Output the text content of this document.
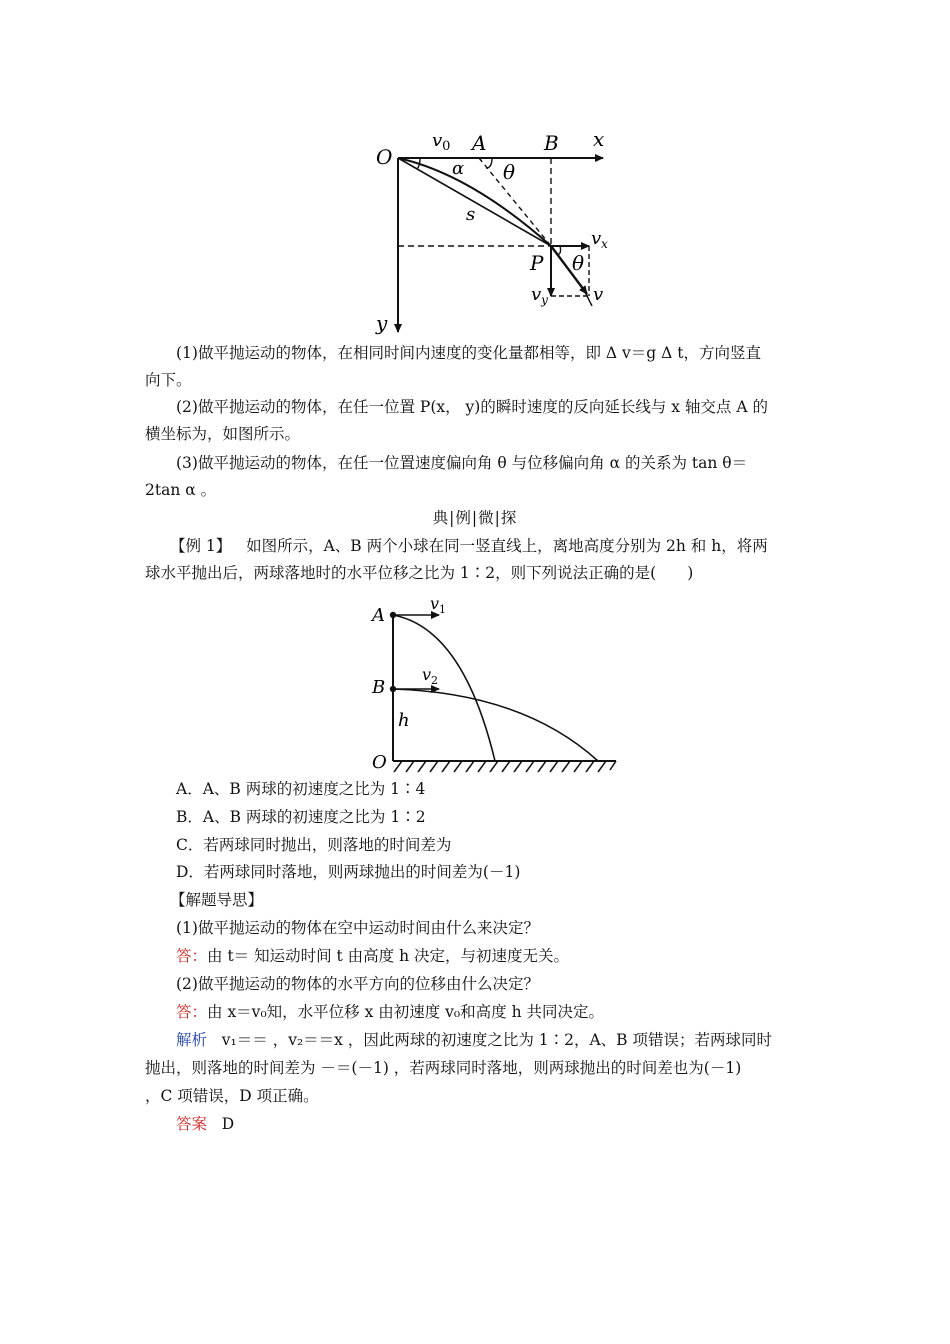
O
$v_0$ A	B x
α θ
s
P
$v_x$
θ
$v_y$	v
y
(1)做平抛运动的物体，在相同时间内速度的变化量都相等，即 Δ v＝g Δ t，方向竖直
向下。
(2)做平抛运动的物体，在任一位置 P(x， y)的瞬时速度的反向延长线与 x 轴交点 A 的
横坐标为，如图所示。
(3)做平抛运动的物体，在任一位置速度偏向角 θ 与位移偏向角 α 的关系为 tan θ＝
2tan α 。
典|例|微|探
【例 1】 如图所示，A、B 两个小球在同一竖直线上，离地高度分别为 2h 和 h，将两
球水平抛出后，两球落地时的水平位移之比为 1∶2，则下列说法正确的是(　　)
A
$v_1$
B
$v_2$
h
O
A．A、B 两球的初速度之比为 1∶4
B．A、B 两球的初速度之比为 1∶2
C．若两球同时抛出，则落地的时间差为
D．若两球同时落地，则两球抛出的时间差为(－1)
【解题导思】
(1)做平抛运动的物体在空中运动时间由什么来决定？
答：由 t＝ 知运动时间 t 由高度 h 决定，与初速度无关。
(2)做平抛运动的物体的水平方向的位移由什么决定？
答：由 x＝v₀知，水平位移 x 由初速度 v₀和高度 h 共同决定。
解析 v₁＝＝ ，v₂＝＝x ，因此两球的初速度之比为 1∶2，A、B 项错误；若两球同时
抛出，则落地的时间差为 －＝(－1) ，若两球同时落地，则两球抛出的时间差也为(－1)
，C 项错误，D 项正确。
答案 D
